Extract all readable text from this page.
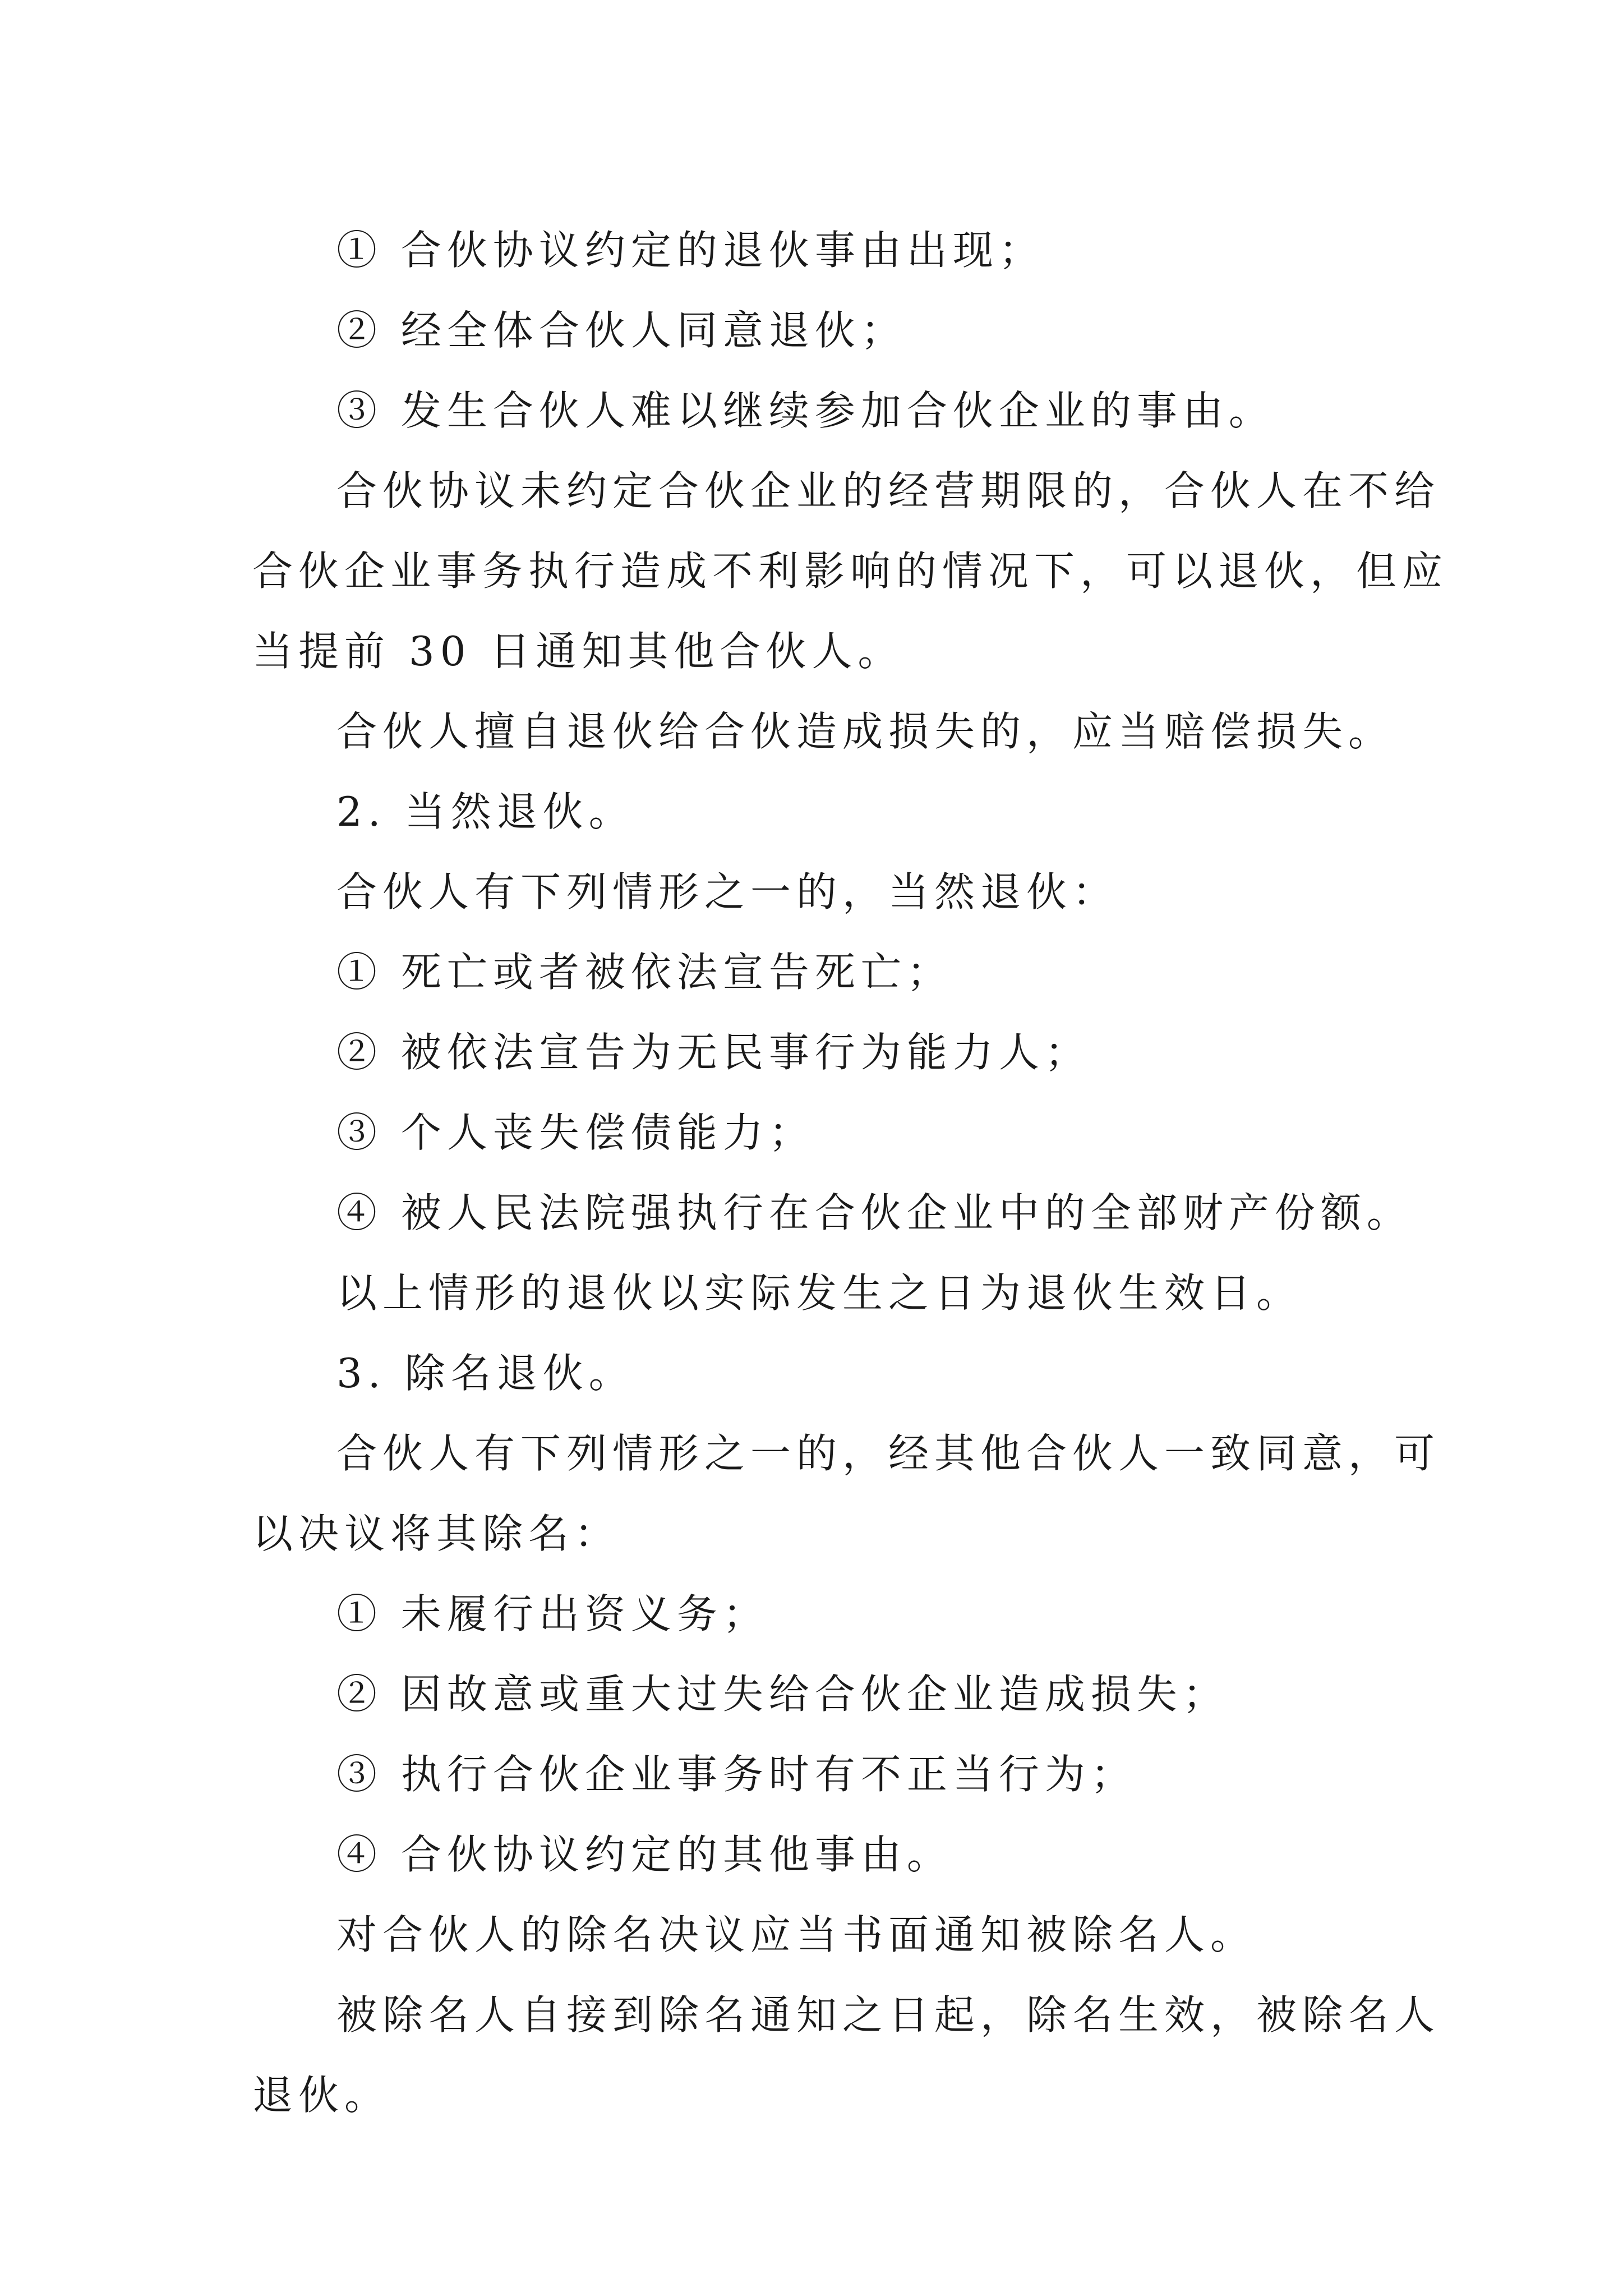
① 合伙协议约定的退伙事由出现；
② 经全体合伙人同意退伙；
③ 发生合伙人难以继续参加合伙企业的事由。
合伙协议未约定合伙企业的经营期限的，合伙人在不给
合伙企业事务执行造成不利影响的情况下，可以退伙，但应
当提前 30 日通知其他合伙人。
合伙人擅自退伙给合伙造成损失的，应当赔偿损失。
2. 当然退伙。
合伙人有下列情形之一的，当然退伙：
① 死亡或者被依法宣告死亡；
② 被依法宣告为无民事行为能力人；
③ 个人丧失偿债能力；
④ 被人民法院强执行在合伙企业中的全部财产份额。
以上情形的退伙以实际发生之日为退伙生效日。
3. 除名退伙。
合伙人有下列情形之一的，经其他合伙人一致同意，可
以决议将其除名：
① 未履行出资义务；
② 因故意或重大过失给合伙企业造成损失；
③ 执行合伙企业事务时有不正当行为；
④ 合伙协议约定的其他事由。
对合伙人的除名决议应当书面通知被除名人。
被除名人自接到除名通知之日起，除名生效，被除名人
退伙。
